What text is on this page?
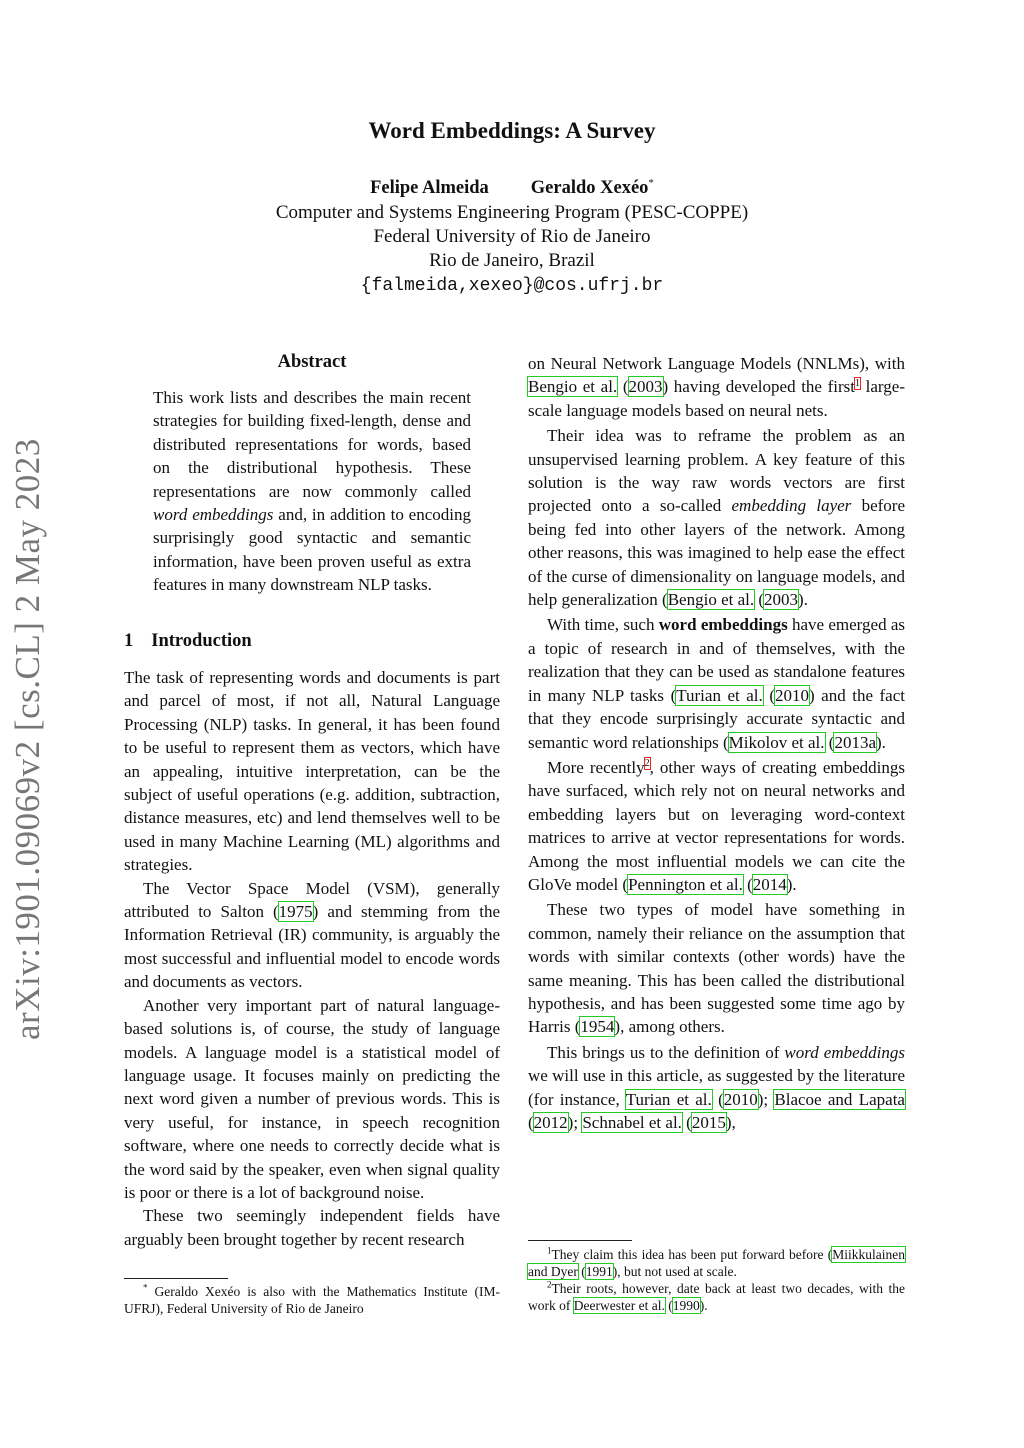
arXiv:1901.09069v2 [cs.CL] 2 May 2023
Word Embeddings: A Survey
Felipe Almeida Geraldo Xexéo*
Computer and Systems Engineering Program (PESC-COPPE)
Federal University of Rio de Janeiro
Rio de Janeiro, Brazil
{falmeida,xexeo}@cos.ufrj.br
Abstract
This work lists and describes the main recent strategies for building fixed-length, dense and distributed representations for words, based on the distributional hypothesis. These representations are now commonly called word embeddings and, in addition to encoding surprisingly good syntactic and semantic information, have been proven useful as extra features in many downstream NLP tasks.
1 Introduction

The task of representing words and documents is part and parcel of most, if not all, Natural Language Processing (NLP) tasks. In general, it has been found to be useful to represent them as vectors, which have an appealing, intuitive interpretation, can be the subject of useful operations (e.g. addition, subtraction, distance measures, etc) and lend themselves well to be used in many Machine Learning (ML) algorithms and strategies.

The Vector Space Model (VSM), generally attributed to Salton (1975) and stemming from the Information Retrieval (IR) community, is arguably the most successful and influential model to encode words and documents as vectors.

Another very important part of natural language-based solutions is, of course, the study of language models. A language model is a statistical model of language usage. It focuses mainly on predicting the next word given a number of previous words. This is very useful, for instance, in speech recognition software, where one needs to correctly decide what is the word said by the speaker, even when signal quality is poor or there is a lot of background noise.

These two seemingly independent fields have arguably been brought together by recent research

* Geraldo Xexéo is also with the Mathematics Institute (IM-UFRJ), Federal University of Rio de Janeiro

on Neural Network Language Models (NNLMs), with Bengio et al. (2003) having developed the first$^1$ large-scale language models based on neural nets.

Their idea was to reframe the problem as an unsupervised learning problem. A key feature of this solution is the way raw words vectors are first projected onto a so-called embedding layer before being fed into other layers of the network. Among other reasons, this was imagined to help ease the effect of the curse of dimensionality on language models, and help generalization (Bengio et al. (2003).

With time, such word embeddings have emerged as a topic of research in and of themselves, with the realization that they can be used as standalone features in many NLP tasks (Turian et al. (2010) and the fact that they encode surprisingly accurate syntactic and semantic word relationships (Mikolov et al. (2013a).

More recently$^2$, other ways of creating embeddings have surfaced, which rely not on neural networks and embedding layers but on leveraging word-context matrices to arrive at vector representations for words. Among the most influential models we can cite the GloVe model (Pennington et al. (2014).

These two types of model have something in common, namely their reliance on the assumption that words with similar contexts (other words) have the same meaning. This has been called the distributional hypothesis, and has been suggested some time ago by Harris (1954), among others.

This brings us to the definition of word embeddings we will use in this article, as suggested by the literature (for instance, Turian et al. (2010); Blacoe and Lapata (2012); Schnabel et al. (2015),

$^1$They claim this idea has been put forward before (Miikkulainen and Dyer (1991), but not used at scale.
$^2$Their roots, however, date back at least two decades, with the work of Deerwester et al. (1990).
